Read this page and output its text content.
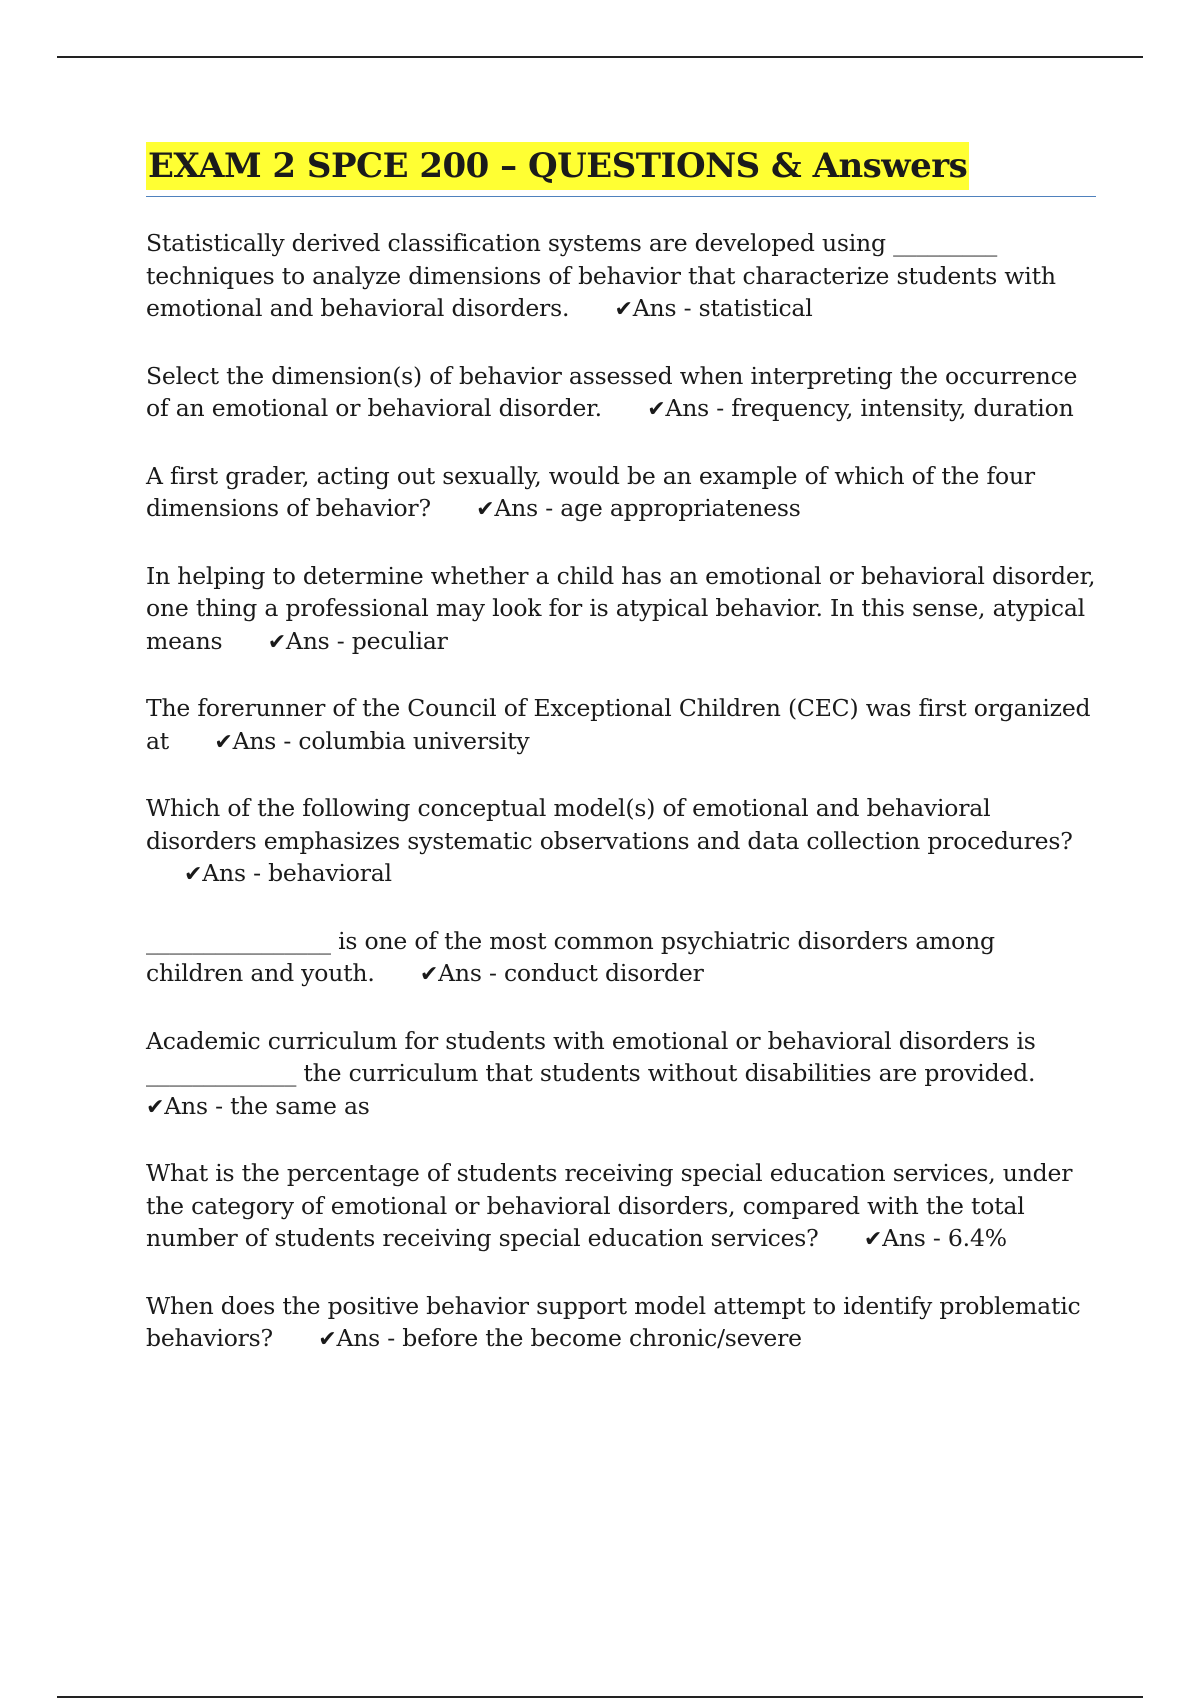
EXAM 2 SPCE 200 – QUESTIONS & Answers

Statistically derived classification systems are developed using _________ techniques to analyze dimensions of behavior that characterize students with emotional and behavioral disorders. ✔Ans - statistical

Select the dimension(s) of behavior assessed when interpreting the occurrence of an emotional or behavioral disorder. ✔Ans - frequency, intensity, duration

A first grader, acting out sexually, would be an example of which of the four dimensions of behavior? ✔Ans - age appropriateness

In helping to determine whether a child has an emotional or behavioral disorder, one thing a professional may look for is atypical behavior. In this sense, atypical means ✔Ans - peculiar

The forerunner of the Council of Exceptional Children (CEC) was first organized at ✔Ans - columbia university

Which of the following conceptual model(s) of emotional and behavioral disorders emphasizes systematic observations and data collection procedures? ✔Ans - behavioral

________________ is one of the most common psychiatric disorders among children and youth. ✔Ans - conduct disorder

Academic curriculum for students with emotional or behavioral disorders is _____________ the curriculum that students without disabilities are provided.
✔Ans - the same as

What is the percentage of students receiving special education services, under the category of emotional or behavioral disorders, compared with the total number of students receiving special education services? ✔Ans - 6.4%

When does the positive behavior support model attempt to identify problematic behaviors? ✔Ans - before the become chronic/severe
